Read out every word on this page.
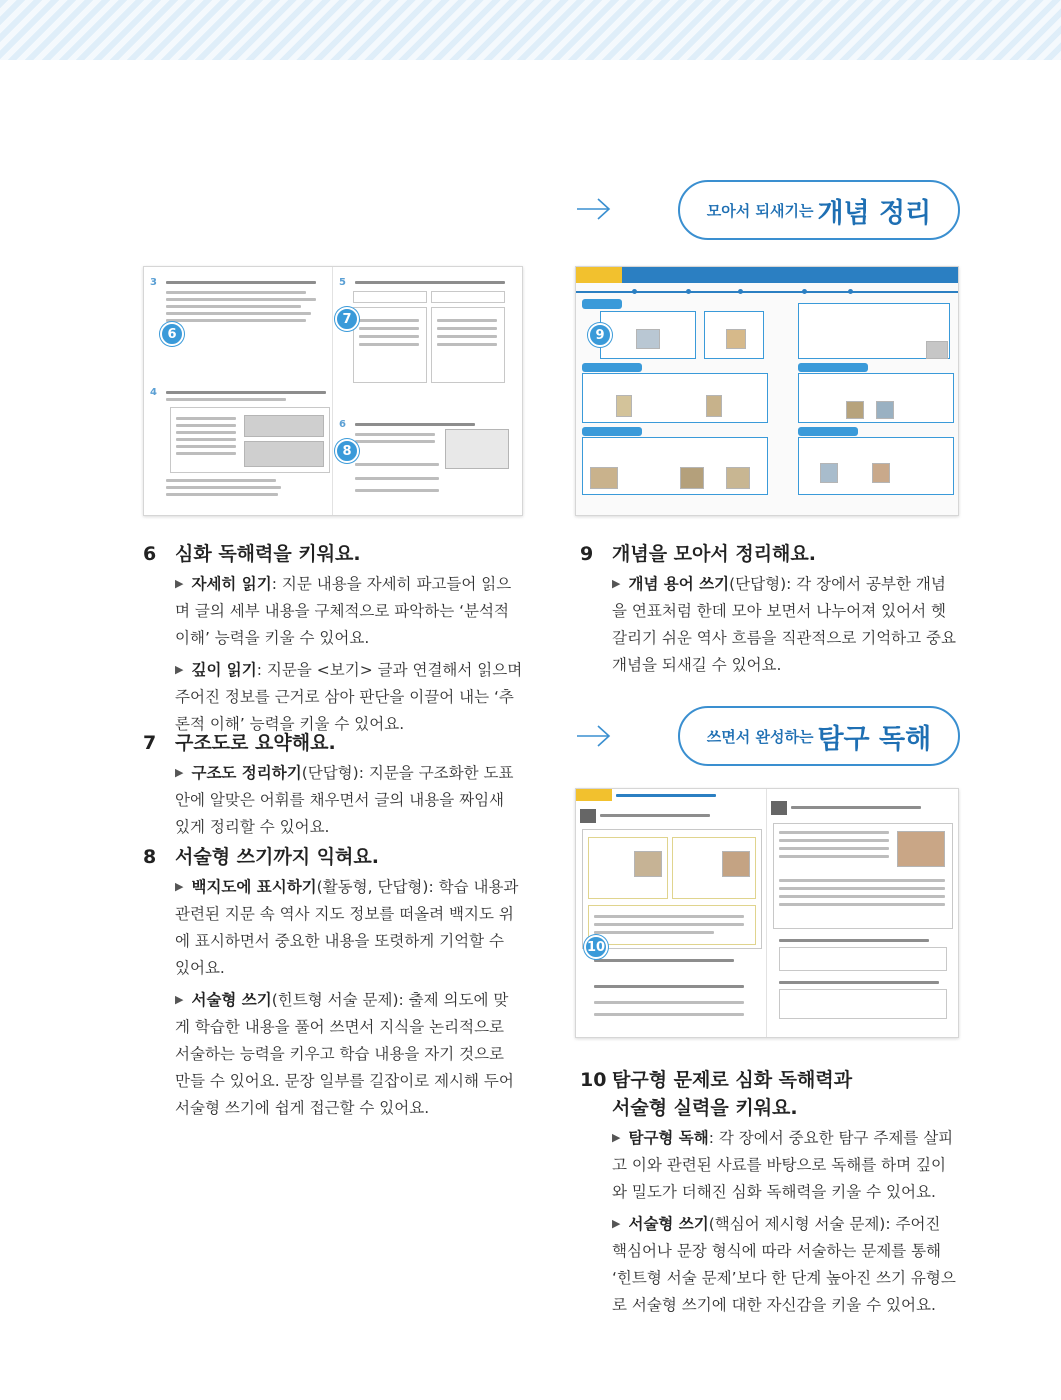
모아서 되새기는 개념 정리
쓰면서 완성하는 탐구 독해
3
4
6
5
6
7
8
9
10
6 심화 독해력을 키워요.
▶ 자세히 읽기: 지문 내용을 자세히 파고들어 읽으며 글의 세부 내용을 구체적으로 파악하는 ‘분석적 이해’ 능력을 키울 수 있어요.
▶ 깊이 읽기: 지문을 <보기> 글과 연결해서 읽으며 주어진 정보를 근거로 삼아 판단을 이끌어 내는 ‘추론적 이해’ 능력을 키울 수 있어요.
7 구조도로 요약해요.
▶ 구조도 정리하기(단답형): 지문을 구조화한 도표 안에 알맞은 어휘를 채우면서 글의 내용을 짜임새 있게 정리할 수 있어요.
8 서술형 쓰기까지 익혀요.
▶ 백지도에 표시하기(활동형, 단답형): 학습 내용과 관련된 지문 속 역사 지도 정보를 떠올려 백지도 위에 표시하면서 중요한 내용을 또렷하게 기억할 수 있어요.
▶ 서술형 쓰기(힌트형 서술 문제): 출제 의도에 맞게 학습한 내용을 풀어 쓰면서 지식을 논리적으로 서술하는 능력을 키우고 학습 내용을 자기 것으로 만들 수 있어요. 문장 일부를 길잡이로 제시해 두어 서술형 쓰기에 쉽게 접근할 수 있어요.
9 개념을 모아서 정리해요.
▶ 개념 용어 쓰기(단답형): 각 장에서 공부한 개념을 연표처럼 한데 모아 보면서 나누어져 있어서 헷갈리기 쉬운 역사 흐름을 직관적으로 기억하고 중요 개념을 되새길 수 있어요.
10 탐구형 문제로 심화 독해력과
서술형 실력을 키워요.
▶ 탐구형 독해: 각 장에서 중요한 탐구 주제를 살피고 이와 관련된 사료를 바탕으로 독해를 하며 깊이와 밀도가 더해진 심화 독해력을 키울 수 있어요.
▶ 서술형 쓰기(핵심어 제시형 서술 문제): 주어진 핵심어나 문장 형식에 따라 서술하는 문제를 통해 ‘힌트형 서술 문제’보다 한 단계 높아진 쓰기 유형으로 서술형 쓰기에 대한 자신감을 키울 수 있어요.
